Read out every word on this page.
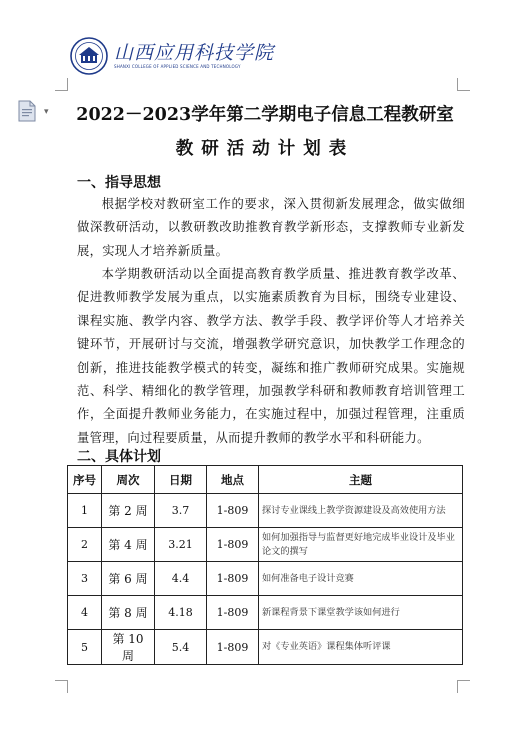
山西应用科技学院
SHANXI COLLEGE OF APPLIED SCIENCE AND TECHNOLOGY
▾	2022－2023学年第二学期电子信息工程教研室
教研活动计划表
一、指导思想

根据学校对教研室工作的要求，深入贯彻新发展理念，做实做细做深教研活动，以教研教改助推教育教学新形态，支撑教师专业新发展，实现人才培养新质量。

本学期教研活动以全面提高教育教学质量、推进教育教学改革、促进教师教学发展为重点，以实施素质教育为目标，围绕专业建设、课程实施、教学内容、教学方法、教学手段、教学评价等人才培养关键环节，开展研讨与交流，增强教学研究意识，加快教学工作理念的创新，推进技能教学模式的转变，凝练和推广教师研究成果。实施规范、科学、精细化的教学管理，加强教学科研和教师教育培训管理工作，全面提升教师业务能力，在实施过程中，加强过程管理，注重质量管理，向过程要质量，从而提升教师的教学水平和科研能力。

二、具体计划
序号	周次	日期	地点	主题
1	第 2 周	3.7	1-809	探讨专业课线上教学资源建设及高效使用方法
2	第 4 周	3.21	1-809	如何加强指导与监督更好地完成毕业设计及毕业论文的撰写
3	第 6 周	4.4	1-809	如何准备电子设计竞赛
4	第 8 周	4.18	1-809	新课程背景下课堂教学该如何进行
5	第 10 周	5.4	1-809	对《专业英语》课程集体听评课
